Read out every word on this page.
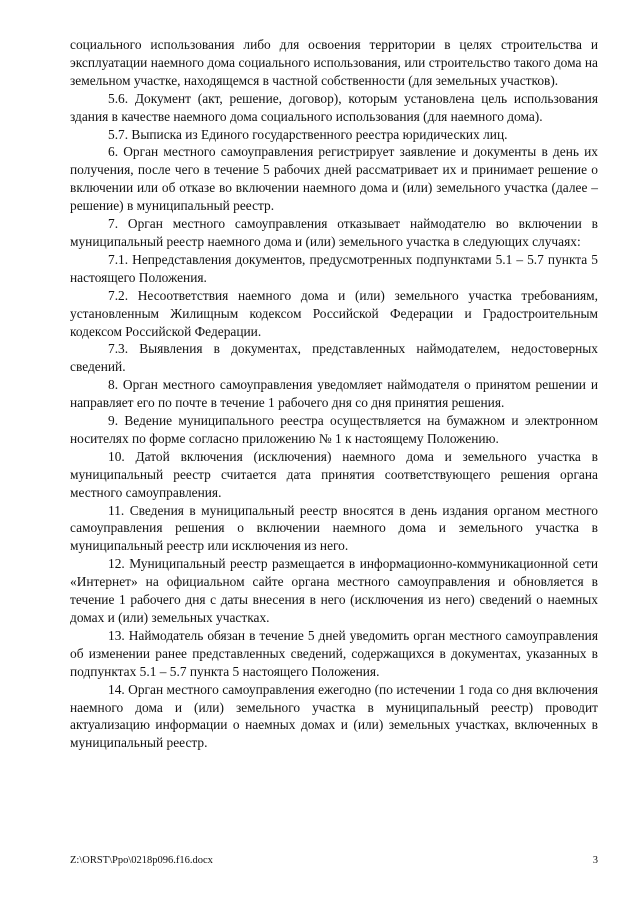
социального использования либо для освоения территории в целях строительства и эксплуатации наемного дома социального использования, или строительство такого дома на земельном участке, находящемся в частной собственности (для земельных участков).

5.6. Документ (акт, решение, договор), которым установлена цель использования здания в качестве наемного дома социального использования (для наемного дома).

5.7. Выписка из Единого государственного реестра юридических лиц.

6. Орган местного самоуправления регистрирует заявление и документы в день их получения, после чего в течение 5 рабочих дней рассматривает их и принимает решение о включении или об отказе во включении наемного дома и (или) земельного участка (далее – решение) в муниципальный реестр.

7. Орган местного самоуправления отказывает наймодателю во включении в муниципальный реестр наемного дома и (или) земельного участка в следующих случаях:

7.1. Непредставления документов, предусмотренных подпунктами 5.1 – 5.7 пункта 5 настоящего Положения.

7.2. Несоответствия наемного дома и (или) земельного участка требованиям, установленным Жилищным кодексом Российской Федерации и Градостроительным кодексом Российской Федерации.

7.3. Выявления в документах, представленных наймодателем, недостоверных сведений.

8. Орган местного самоуправления уведомляет наймодателя о принятом решении и направляет его по почте в течение 1 рабочего дня со дня принятия решения.

9. Ведение муниципального реестра осуществляется на бумажном и электронном носителях по форме согласно приложению № 1 к настоящему Положению.

10. Датой включения (исключения) наемного дома и земельного участка в муниципальный реестр считается дата принятия соответствующего решения органа местного самоуправления.

11. Сведения в муниципальный реестр вносятся в день издания органом местного самоуправления решения о включении наемного дома и земельного участка в муниципальный реестр или исключения из него.

12. Муниципальный реестр размещается в информационно-коммуникационной сети «Интернет» на официальном сайте органа местного самоуправления и обновляется в течение 1 рабочего дня с даты внесения в него (исключения из него) сведений о наемных домах и (или) земельных участках.

13. Наймодатель обязан в течение 5 дней уведомить орган местного самоуправления об изменении ранее представленных сведений, содержащихся в документах, указанных в подпунктах 5.1 – 5.7 пункта 5 настоящего Положения.

14. Орган местного самоуправления ежегодно (по истечении 1 года со дня включения наемного дома и (или) земельного участка в муниципальный реестр) проводит актуализацию информации о наемных домах и (или) земельных участках, включенных в муниципальный реестр.

Z:\ORST\Ppo\0218p096.f16.docx	3
